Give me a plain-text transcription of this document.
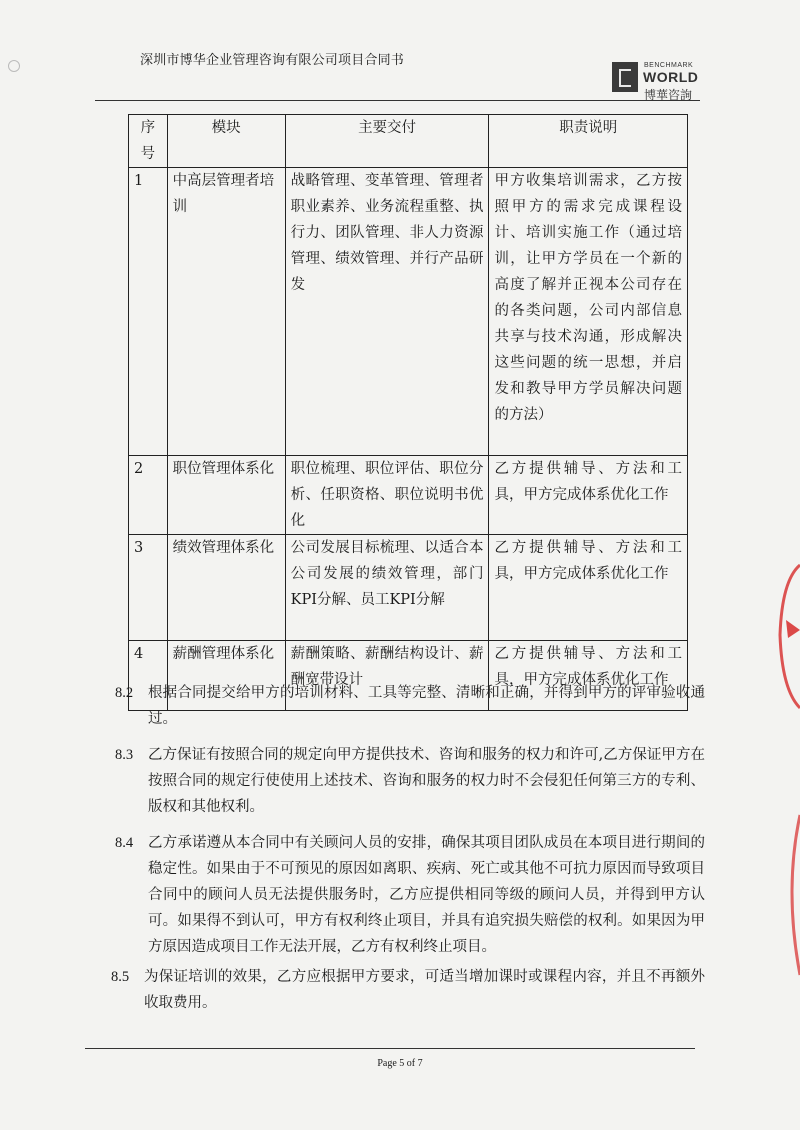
深圳市博华企业管理咨询有限公司项目合同书	BENCHMARK
WORLD
博華咨詢
序号	模块	主要交付	职责说明
1	中高层管理者培训	战略管理、变革管理、管理者职业素养、业务流程重整、执行力、团队管理、非人力资源管理、绩效管理、并行产品研发	甲方收集培训需求，乙方按照甲方的需求完成课程设计、培训实施工作（通过培训，让甲方学员在一个新的高度了解并正视本公司存在的各类问题，公司内部信息共享与技术沟通，形成解决这些问题的统一思想，并启发和教导甲方学员解决问题的方法）
2	职位管理体系化	职位梳理、职位评估、职位分析、任职资格、职位说明书优化	乙方提供辅导、方法和工具，甲方完成体系优化工作
3	绩效管理体系化	公司发展目标梳理、以适合本公司发展的绩效管理，部门KPI分解、员工KPI分解	乙方提供辅导、方法和工具，甲方完成体系优化工作
4	薪酬管理体系化	薪酬策略、薪酬结构设计、薪酬宽带设计	乙方提供辅导、方法和工具，甲方完成体系优化工作
8.2	根据合同提交给甲方的培训材料、工具等完整、清晰和正确，并得到甲方的评审验收通过。
8.3	乙方保证有按照合同的规定向甲方提供技术、咨询和服务的权力和许可,乙方保证甲方在按照合同的规定行使使用上述技术、咨询和服务的权力时不会侵犯任何第三方的专利、版权和其他权利。
8.4	乙方承诺遵从本合同中有关顾问人员的安排，确保其项目团队成员在本项目进行期间的稳定性。如果由于不可预见的原因如离职、疾病、死亡或其他不可抗力原因而导致项目合同中的顾问人员无法提供服务时，乙方应提供相同等级的顾问人员，并得到甲方认可。如果得不到认可，甲方有权利终止项目，并具有追究损失赔偿的权利。如果因为甲方原因造成项目工作无法开展，乙方有权利终止项目。
8.5	为保证培训的效果，乙方应根据甲方要求，可适当增加课时或课程内容，并且不再额外收取费用。
Page 5 of 7
